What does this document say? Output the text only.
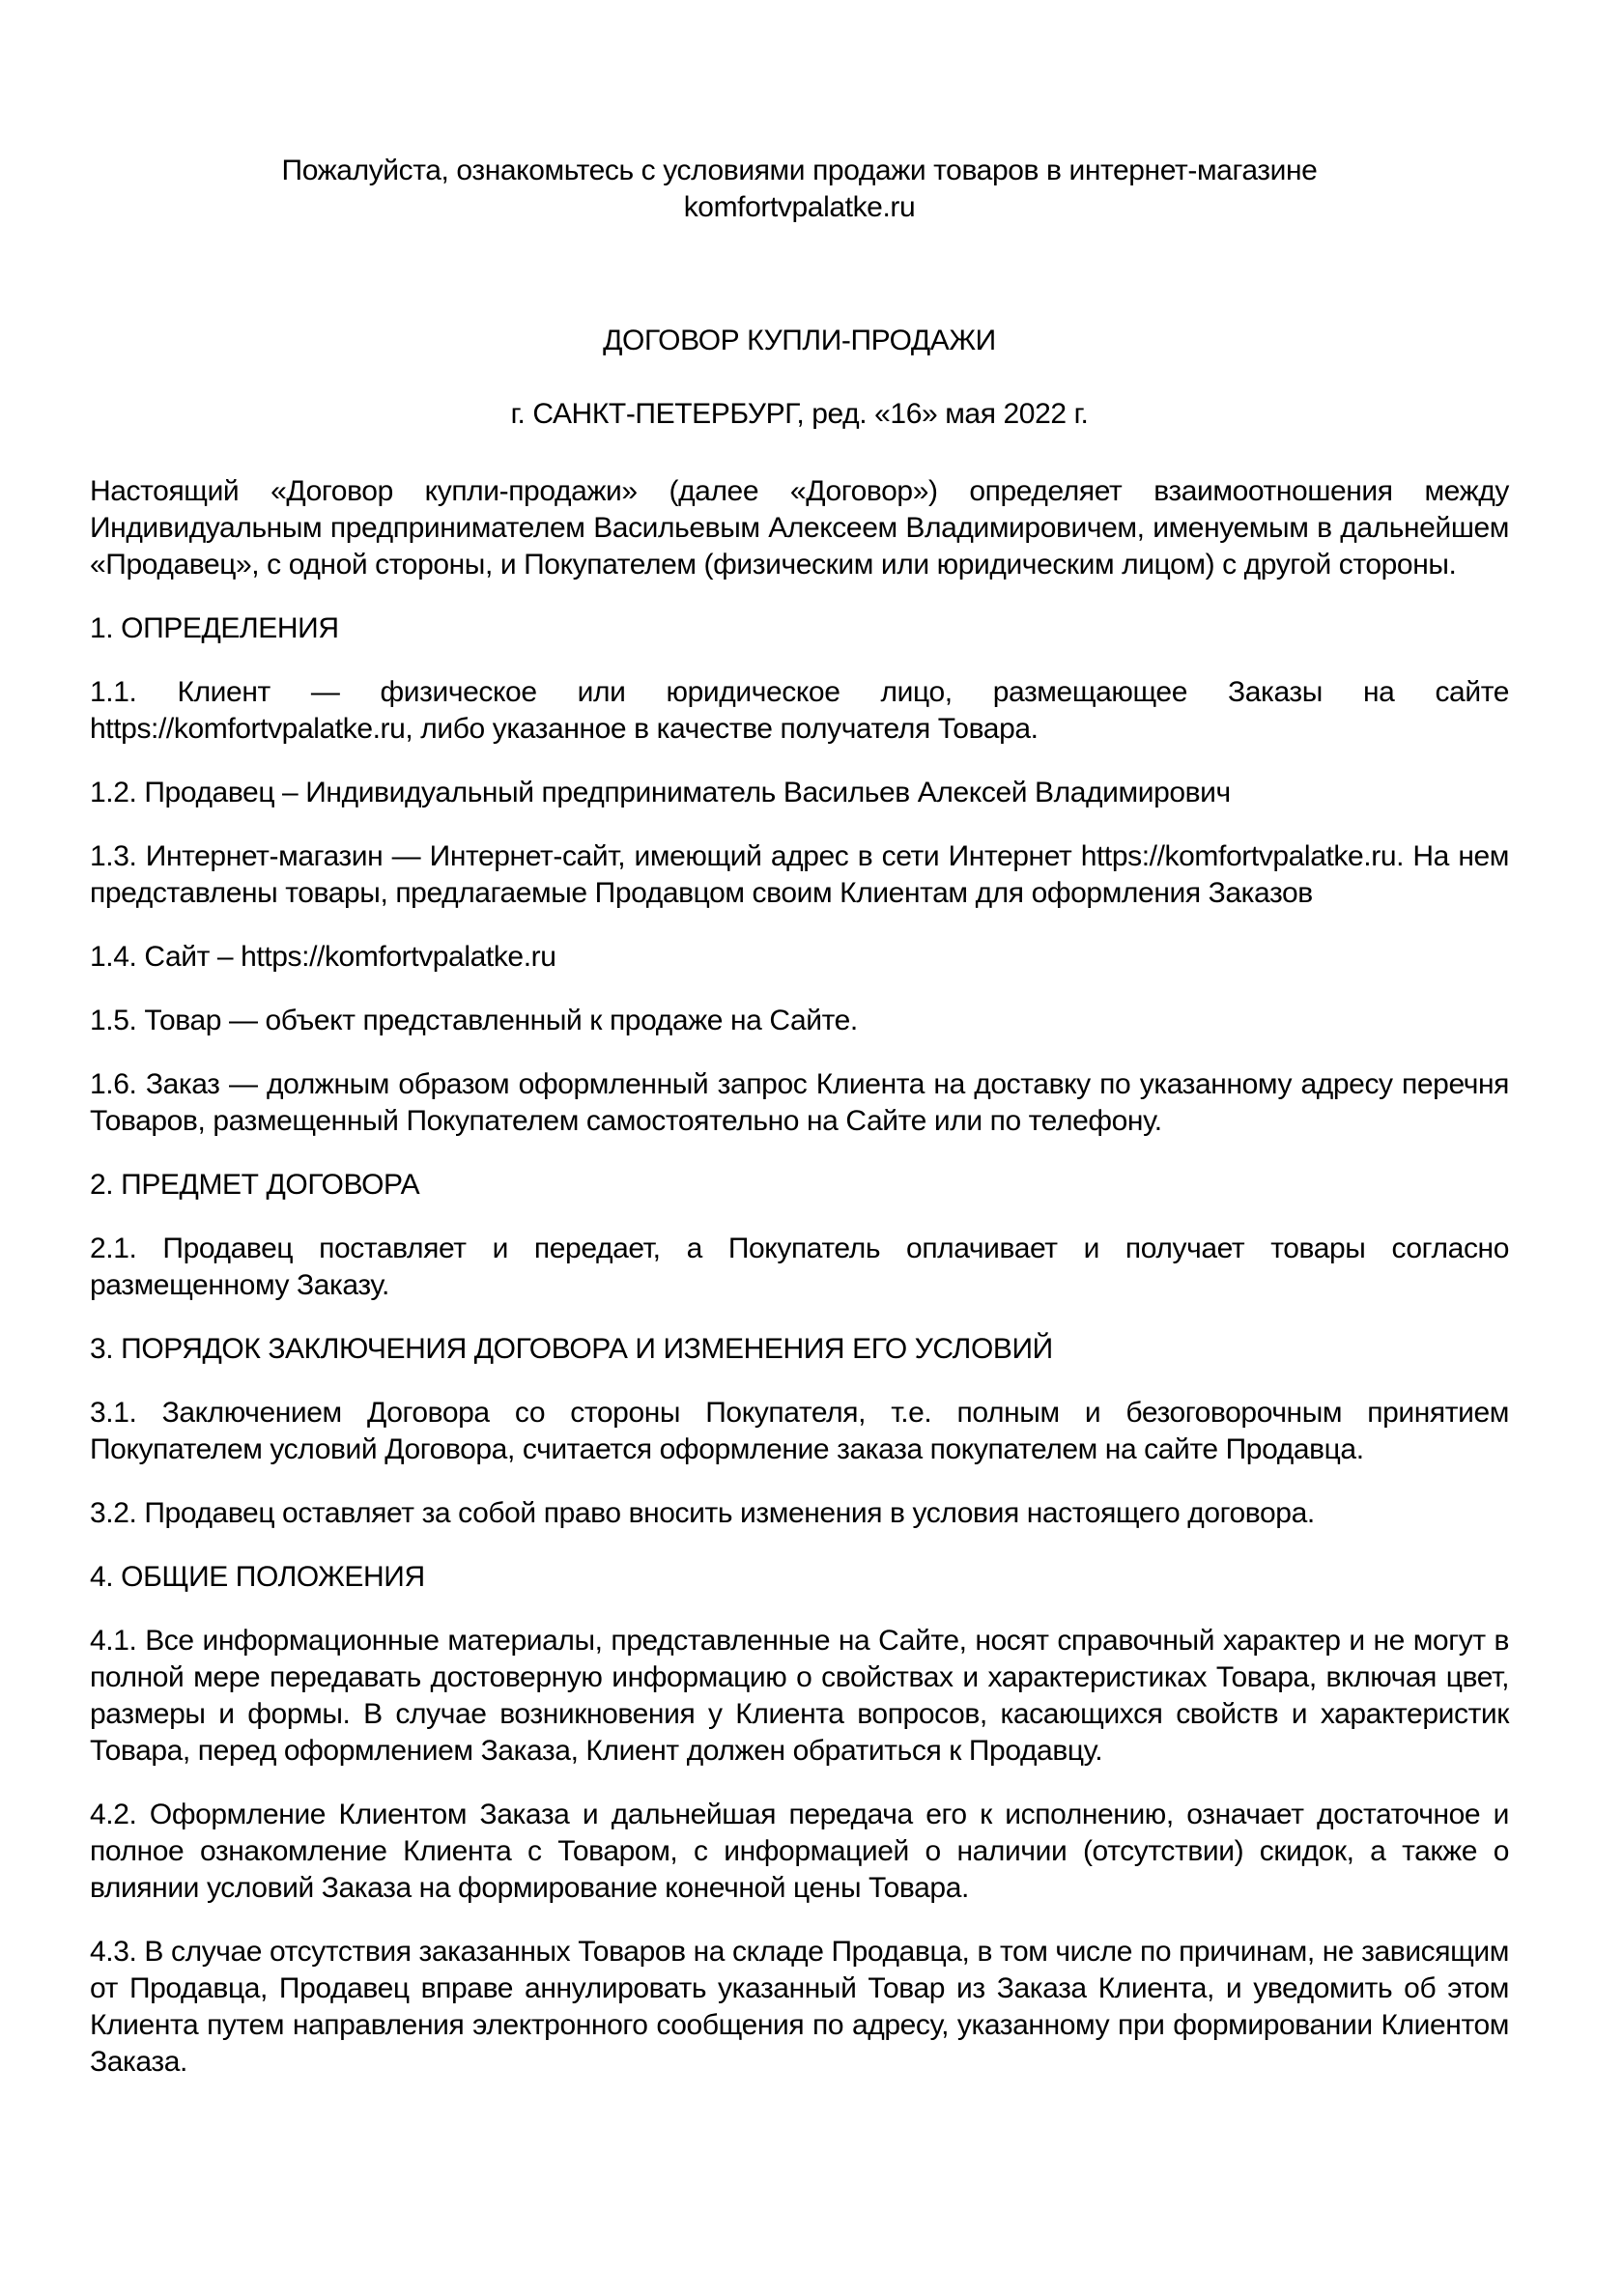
Пожалуйста, ознакомьтесь с условиями продажи товаров в интернет-магазине

komfortvpalatke.ru

ДОГОВОР КУПЛИ-ПРОДАЖИ

г. САНКТ-ПЕТЕРБУРГ, ред. «16» мая 2022 г.

Настоящий «Договор купли-продажи» (далее «Договор») определяет взаимоотношения между Индивидуальным предпринимателем Васильевым Алексеем Владимировичем, именуемым в дальнейшем «Продавец», с одной стороны, и Покупателем (физическим или юридическим лицом) с другой стороны.

1. ОПРЕДЕЛЕНИЯ

1.1. Клиент — физическое или юридическое лицо, размещающее Заказы на сайте https://komfortvpalatke.ru, либо указанное в качестве получателя Товара.

1.2. Продавец – Индивидуальный предприниматель Васильев Алексей Владимирович

1.3. Интернет-магазин — Интернет-сайт, имеющий адрес в сети Интернет https://komfortvpalatke.ru. На нем представлены товары, предлагаемые Продавцом своим Клиентам для оформления Заказов

1.4. Сайт – https://komfortvpalatke.ru

1.5. Товар — объект представленный к продаже на Сайте.

1.6. Заказ — должным образом оформленный запрос Клиента на доставку по указанному адресу перечня Товаров, размещенный Покупателем самостоятельно на Сайте или по телефону.

2. ПРЕДМЕТ ДОГОВОРА

2.1. Продавец поставляет и передает, а Покупатель оплачивает и получает товары согласно размещенному Заказу.

3. ПОРЯДОК ЗАКЛЮЧЕНИЯ ДОГОВОРА И ИЗМЕНЕНИЯ ЕГО УСЛОВИЙ

3.1. Заключением Договора со стороны Покупателя, т.е. полным и безоговорочным принятием Покупателем условий Договора, считается оформление заказа покупателем на сайте Продавца.

3.2. Продавец оставляет за собой право вносить изменения в условия настоящего договора.

4. ОБЩИЕ ПОЛОЖЕНИЯ

4.1. Все информационные материалы, представленные на Сайте, носят справочный характер и не могут в полной мере передавать достоверную информацию о свойствах и характеристиках Товара, включая цвет, размеры и формы. В случае возникновения у Клиента вопросов, касающихся свойств и характеристик Товара, перед оформлением Заказа, Клиент должен обратиться к Продавцу.

4.2. Оформление Клиентом Заказа и дальнейшая передача его к исполнению, означает достаточное и полное ознакомление Клиента с Товаром, с информацией о наличии (отсутствии) скидок, а также о влиянии условий Заказа на формирование конечной цены Товара.

4.3. В случае отсутствия заказанных Товаров на складе Продавца, в том числе по причинам, не зависящим от Продавца, Продавец вправе аннулировать указанный Товар из Заказа Клиента, и уведомить об этом Клиента путем направления электронного сообщения по адресу, указанному при формировании Клиентом Заказа.
